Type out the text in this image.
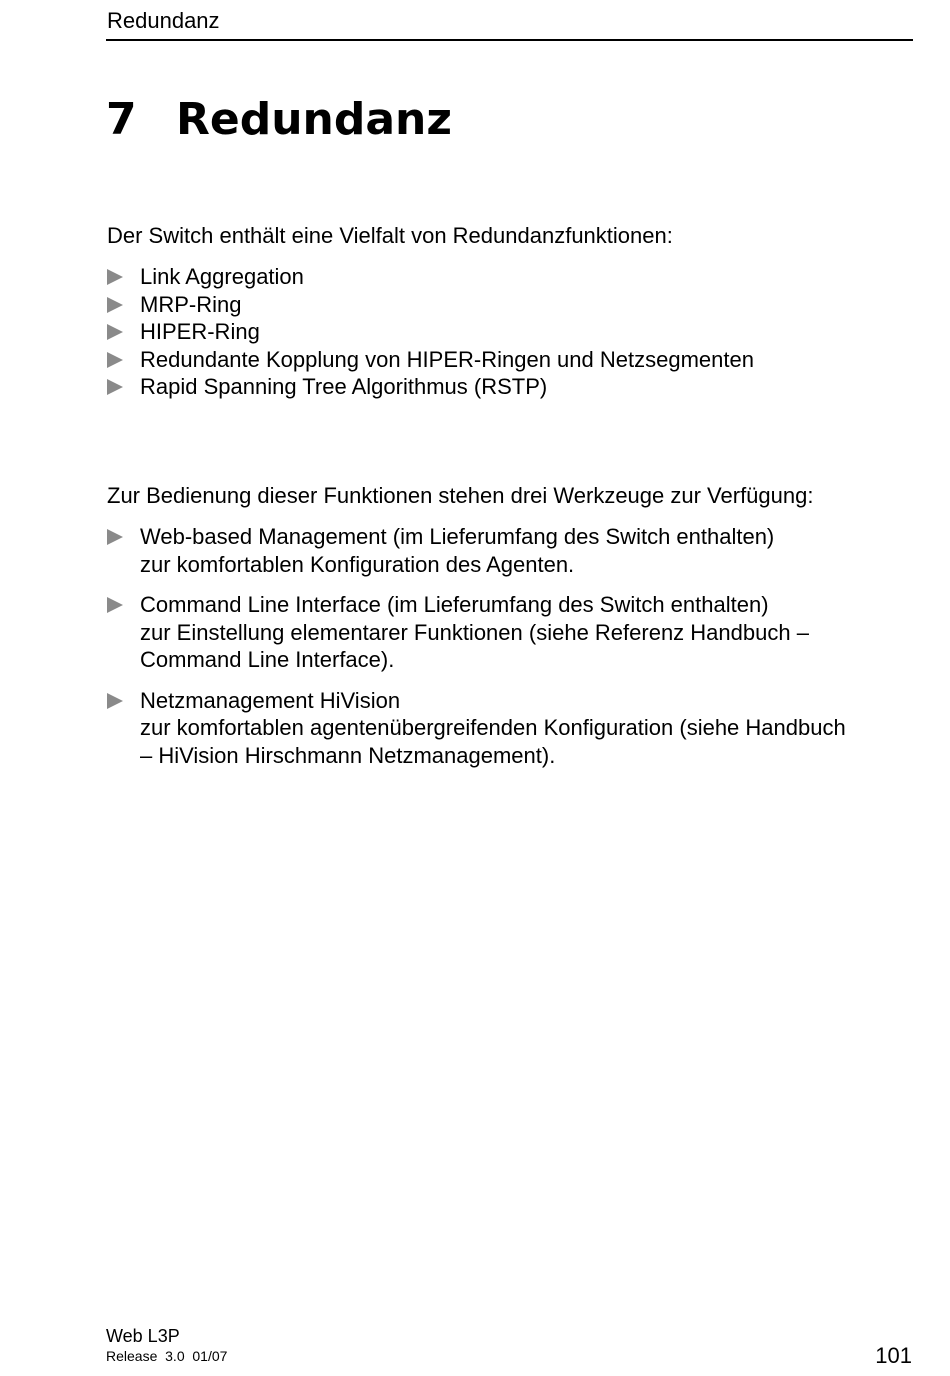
Redundanz
7 Redundanz

Der Switch enthält eine Vielfalt von Redundanzfunktionen:

Link Aggregation
MRP-Ring
HIPER-Ring
Redundante Kopplung von HIPER-Ringen und Netzsegmenten
Rapid Spanning Tree Algorithmus (RSTP)

Zur Bedienung dieser Funktionen stehen drei Werkzeuge zur Verfügung:

Web-based Management (im Lieferumfang des Switch enthalten)
zur komfortablen Konfiguration des Agenten.
Command Line Interface (im Lieferumfang des Switch enthalten)
zur Einstellung elementarer Funktionen (siehe Referenz Handbuch –
Command Line Interface).
Netzmanagement HiVision
zur komfortablen agentenübergreifenden Konfiguration (siehe Handbuch
– HiVision Hirschmann Netzmanagement).
Web L3P
Release  3.0  01/07	101
